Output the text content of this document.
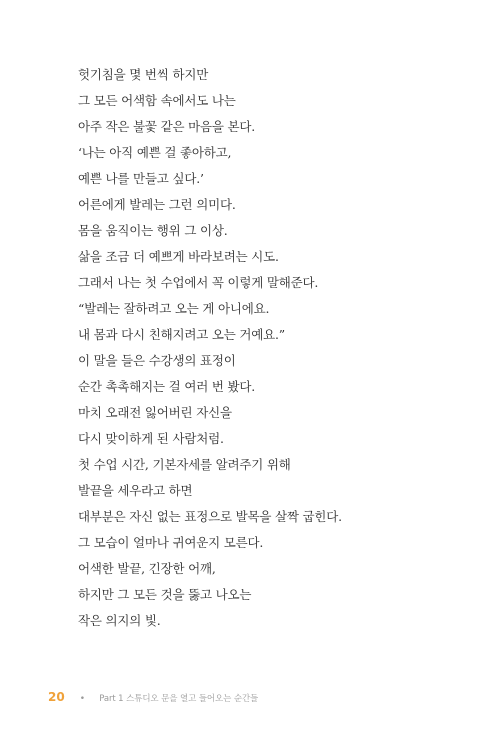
헛기침을 몇 번씩 하지만
그 모든 어색함 속에서도 나는
아주 작은 불꽃 같은 마음을 본다.
‘나는 아직 예쁜 걸 좋아하고,
예쁜 나를 만들고 싶다.’
어른에게 발레는 그런 의미다.
몸을 움직이는 행위 그 이상.
삶을 조금 더 예쁘게 바라보려는 시도.
그래서 나는 첫 수업에서 꼭 이렇게 말해준다.
“발레는 잘하려고 오는 게 아니에요.
내 몸과 다시 친해지려고 오는 거예요.”
이 말을 들은 수강생의 표정이
순간 촉촉해지는 걸 여러 번 봤다.
마치 오래전 잃어버린 자신을
다시 맞이하게 된 사람처럼.
첫 수업 시간, 기본자세를 알려주기 위해
발끝을 세우라고 하면
대부분은 자신 없는 표정으로 발목을 살짝 굽힌다.
그 모습이 얼마나 귀여운지 모른다.
어색한 발끝, 긴장한 어깨,
하지만 그 모든 것을 뚫고 나오는
작은 의지의 빛.
20 • Part 1 스튜디오 문을 열고 들어오는 순간들
